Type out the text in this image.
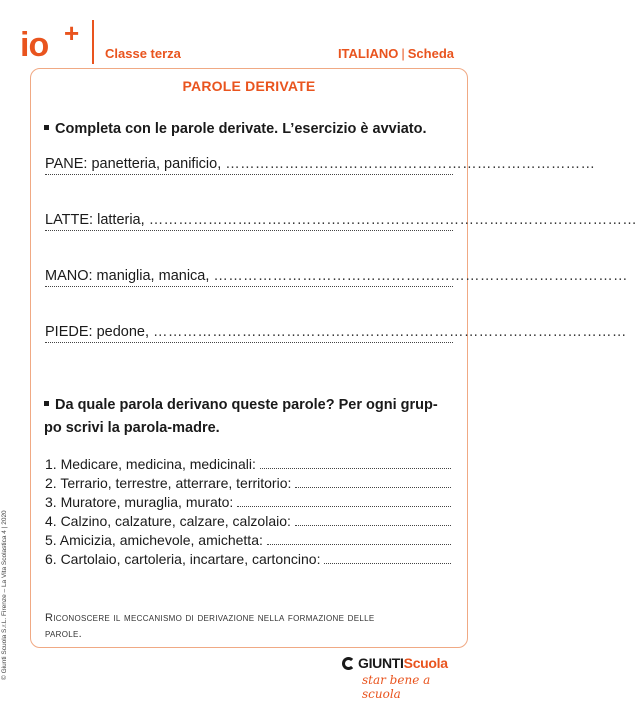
io +
Classe terza	ITALIANO | Scheda
© Giunti Scuola S.r.L. Firenze – La Vita Scolastica 4 | 2020
PAROLE DERIVATE
Completa con le parole derivate. L’esercizio è avviato.
PANE: panetteria, panificio, …………………………………………………………………
LATTE: latteria, ………………………………………………………………………………………
MANO: maniglia, manica, …………………………………………………………………………
PIEDE: pedone, ……………………………………………………………………………………
Da quale parola derivano queste parole? Per ogni grup-
po scrivi la parola-madre.
1. Medicare, medicina, medicinali:
2. Terrario, terrestre, atterrare, territorio:
3. Muratore, muraglia, murato:
4. Calzino, calzature, calzare, calzolaio:
5. Amicizia, amichevole, amichetta:
6. Cartolaio, cartoleria, incartare, cartoncino:
Riconoscere il meccanismo di derivazione nella formazione delle
parole.
GIUNTIScuola
star bene a scuola
